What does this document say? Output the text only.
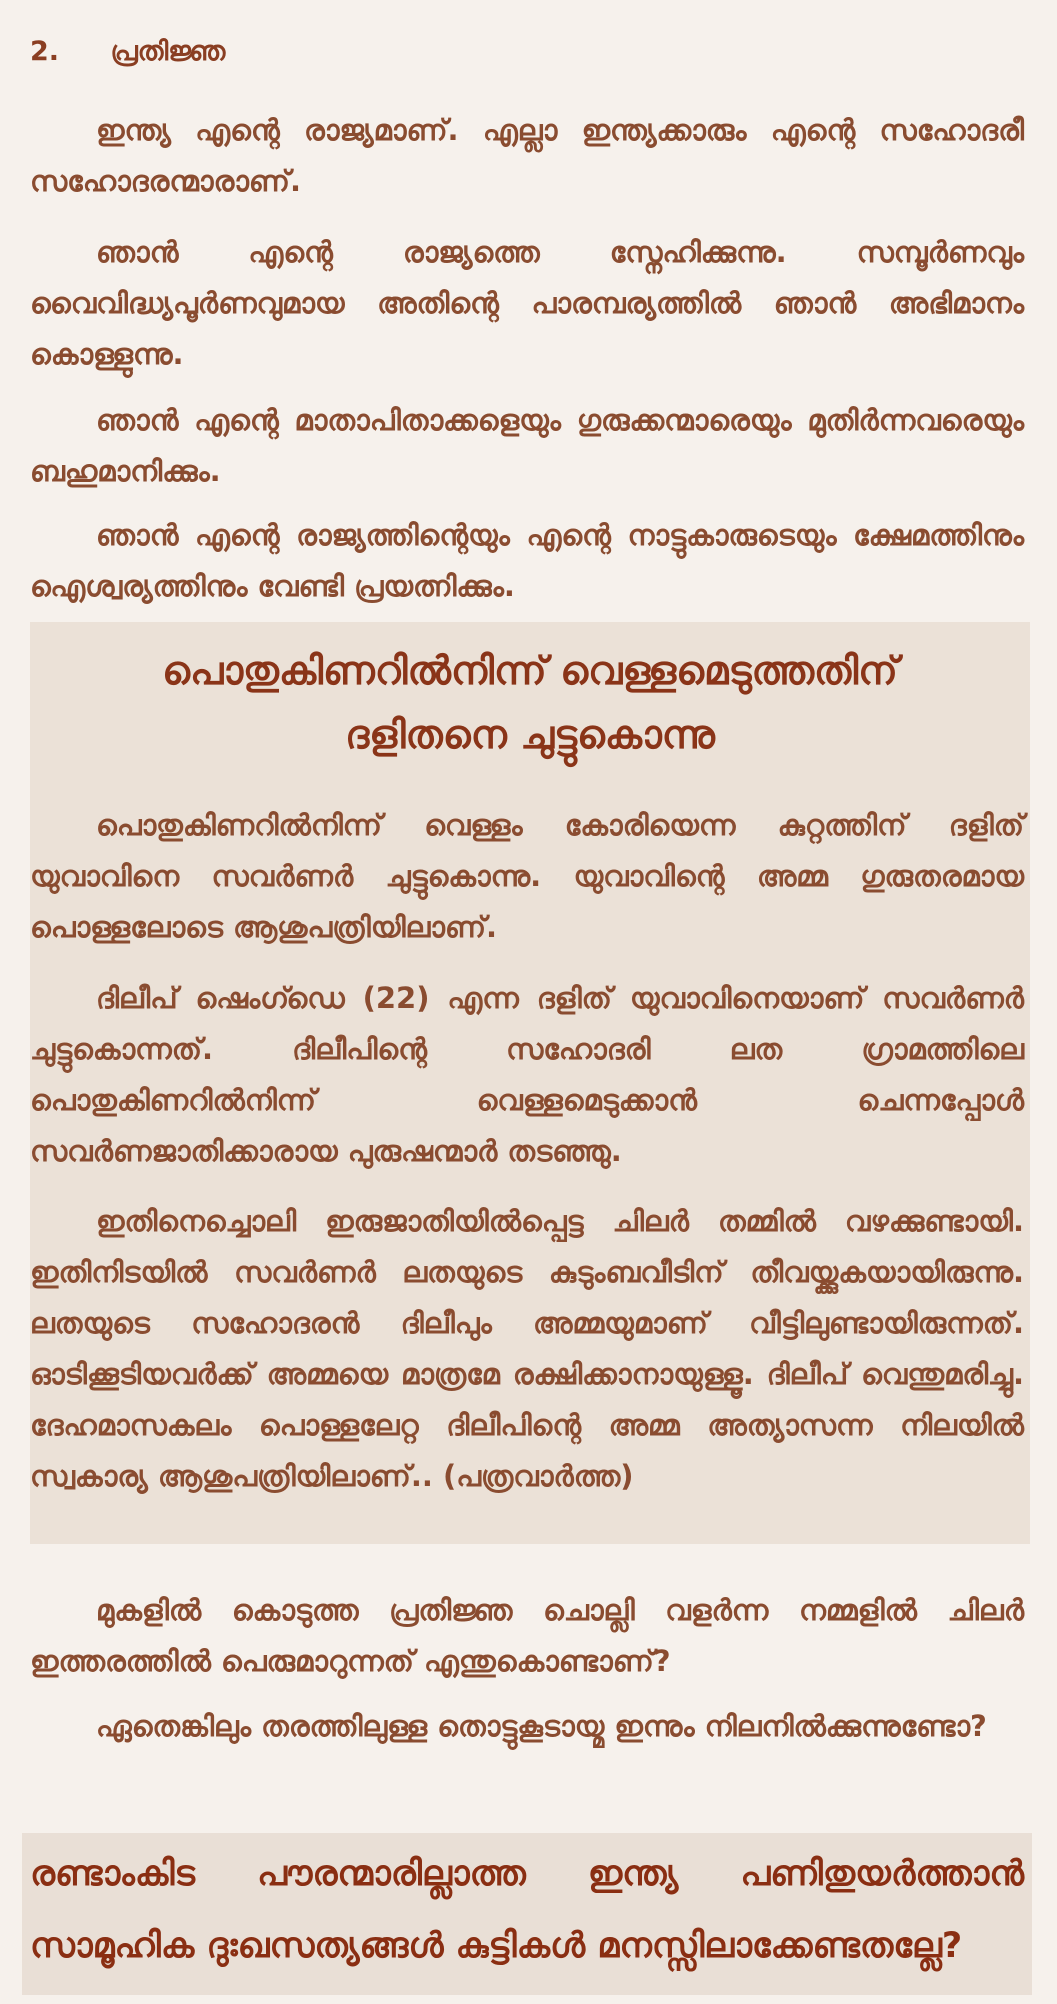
2. പ്രതിജ്ഞ
ഇന്ത്യ എന്റെ രാജ്യമാണ്. എല്ലാ ഇന്ത്യക്കാരും എന്റെ സഹോദരീ സഹോദരന്മാരാണ്.
ഞാൻ എന്റെ രാജ്യത്തെ സ്നേഹിക്കുന്നു. സമ്പൂർണവും വൈവിദ്ധ്യപൂർണവുമായ അതിന്റെ പാരമ്പര്യത്തിൽ ഞാൻ അഭിമാനം കൊള്ളുന്നു.
ഞാൻ എന്റെ മാതാപിതാക്കളെയും ഗുരുക്കന്മാരെയും മുതിർന്നവരെയും ബഹുമാനിക്കും.
ഞാൻ എന്റെ രാജ്യത്തിന്റെയും എന്റെ നാട്ടുകാരുടെയും ക്ഷേമത്തിനും ഐശ്വര്യത്തിനും വേണ്ടി പ്രയത്നിക്കും.
പൊതുകിണറിൽനിന്ന് വെള്ളമെടുത്തതിന്
ദളിതനെ ചുട്ടുകൊന്നു
പൊതുകിണറിൽനിന്ന് വെള്ളം കോരിയെന്ന കുറ്റത്തിന് ദളിത് യുവാവിനെ സവർണർ ചുട്ടുകൊന്നു. യുവാവിന്റെ അമ്മ ഗുരുതരമായ പൊള്ളലോടെ ആശുപത്രിയിലാണ്.
ദിലീപ് ഷെംഗ്ഡെ (22) എന്ന ദളിത് യുവാവിനെയാണ് സവർണർ ചുട്ടുകൊന്നത്. ദിലീപിന്റെ സഹോദരി ലത ഗ്രാമത്തിലെ പൊതുകിണറിൽനിന്ന് വെള്ളമെടുക്കാൻ ചെന്നപ്പോൾ സവർണജാതിക്കാരായ പുരുഷന്മാർ തടഞ്ഞു.
ഇതിനെച്ചൊലി ഇരുജാതിയിൽപ്പെട്ട ചിലർ തമ്മിൽ വഴക്കുണ്ടായി. ഇതിനിടയിൽ സവർണർ ലതയുടെ കുടുംബവീടിന് തീവയ്ക്കുകയായിരുന്നു. ലതയുടെ സഹോദരൻ ദിലീപും അമ്മയുമാണ് വീട്ടിലുണ്ടായിരുന്നത്. ഓടിക്കൂടിയവർക്ക് അമ്മയെ മാത്രമേ രക്ഷിക്കാനായുള്ളൂ. ദിലീപ് വെന്തുമരിച്ചു. ദേഹമാസകലം പൊള്ളലേറ്റ ദിലീപിന്റെ അമ്മ അത്യാസന്ന നിലയിൽ സ്വകാര്യ ആശുപത്രിയിലാണ്.. (പത്രവാർത്ത)
മുകളിൽ കൊടുത്ത പ്രതിജ്ഞ ചൊല്ലി വളർന്ന നമ്മളിൽ ചിലർ ഇത്തരത്തിൽ പെരുമാറുന്നത് എന്തുകൊണ്ടാണ്?
ഏതെങ്കിലും തരത്തിലുള്ള തൊട്ടുകൂടായ്മ ഇന്നും നിലനിൽക്കുന്നുണ്ടോ?
രണ്ടാംകിട പൗരന്മാരില്ലാത്ത ഇന്ത്യ പണിതുയർത്താൻ സാമൂഹിക ദുഃഖസത്യങ്ങൾ കുട്ടികൾ മനസ്സിലാക്കേണ്ടതല്ലേ?
